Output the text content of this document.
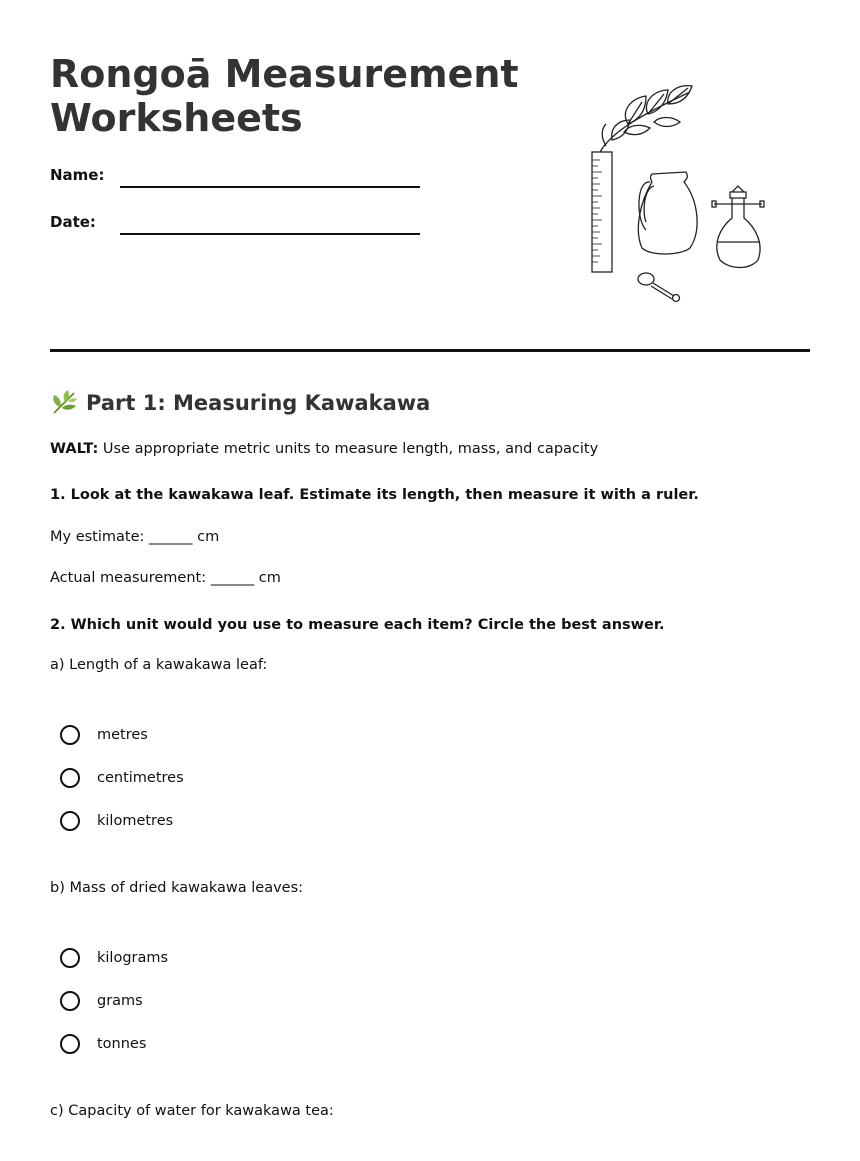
Rongoā Measurement Worksheets
Name:
Date:
Part 1: Measuring Kawakawa
WALT: Use appropriate metric units to measure length, mass, and capacity
1. Look at the kawakawa leaf. Estimate its length, then measure it with a ruler.
My estimate: ______ cm
Actual measurement: ______ cm
2. Which unit would you use to measure each item? Circle the best answer.
a) Length of a kawakawa leaf:
metres
centimetres
kilometres
b) Mass of dried kawakawa leaves:
kilograms
grams
tonnes
c) Capacity of water for kawakawa tea:
